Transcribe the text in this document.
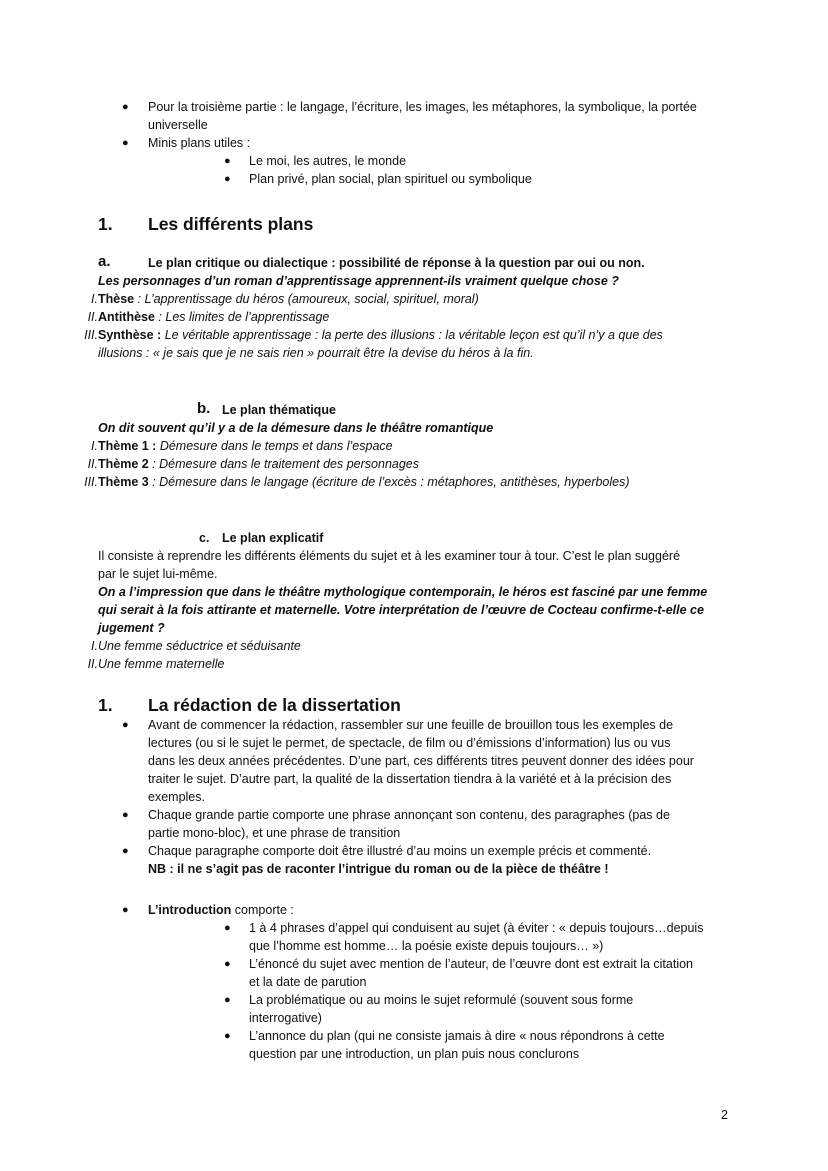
● Pour la troisième partie : le langage, l’écriture, les images, les métaphores, la symbolique, la portée
universelle
● Minis plans utiles :
● Le moi, les autres, le monde
● Plan privé, plan social, plan spirituel ou symbolique
1. Les différents plans
a.	Le plan critique ou dialectique : possibilité de réponse à la question par oui ou non.
Les personnages d’un roman d’apprentissage apprennent-ils vraiment quelque chose ?
I. Thèse : L’apprentissage du héros (amoureux, social, spirituel, moral)
II. Antithèse : Les limites de l’apprentissage
III. Synthèse : Le véritable apprentissage : la perte des illusions : la véritable leçon est qu’il n’y a que des
illusions : « je sais que je ne sais rien » pourrait être la devise du héros à la fin.
b. Le plan thématique
On dit souvent qu’il y a de la démesure dans le théâtre romantique
I. Thème 1 : Démesure dans le temps et dans l’espace
II. Thème 2 : Démesure dans le traitement des personnages
III. Thème 3 : Démesure dans le langage (écriture de l’excès : métaphores, antithèses, hyperboles)
c. Le plan explicatif
Il consiste à reprendre les différents éléments du sujet et à les examiner tour à tour. C’est le plan suggéré
par le sujet lui-même.
On a l’impression que dans le théâtre mythologique contemporain, le héros est fasciné par une femme
qui serait à la fois attirante et maternelle. Votre interprétation de l’œuvre de Cocteau confirme-t-elle ce
jugement ?
I. Une femme séductrice et séduisante
II. Une femme maternelle
1. La rédaction de la dissertation
● Avant de commencer la rédaction, rassembler sur une feuille de brouillon tous les exemples de
lectures (ou si le sujet le permet, de spectacle, de film ou d’émissions d’information) lus ou vus
dans les deux années précédentes. D’une part, ces différents titres peuvent donner des idées pour
traiter le sujet. D’autre part, la qualité de la dissertation tiendra à la variété et à la précision des
exemples.
● Chaque grande partie comporte une phrase annonçant son contenu, des paragraphes (pas de
partie mono-bloc), et une phrase de transition
● Chaque paragraphe comporte doit être illustré d’au moins un exemple précis et commenté.
NB : il ne s’agit pas de raconter l’intrigue du roman ou de la pièce de théâtre !
● L’introduction comporte :
● 1 à 4 phrases d’appel qui conduisent au sujet (à éviter : « depuis toujours…depuis
que l’homme est homme… la poésie existe depuis toujours… »)
● L’énoncé du sujet avec mention de l’auteur, de l’œuvre dont est extrait la citation
et la date de parution
● La problématique ou au moins le sujet reformulé (souvent sous forme
interrogative)
● L’annonce du plan (qui ne consiste jamais à dire « nous répondrons à cette
question par une introduction, un plan puis nous conclurons
2
